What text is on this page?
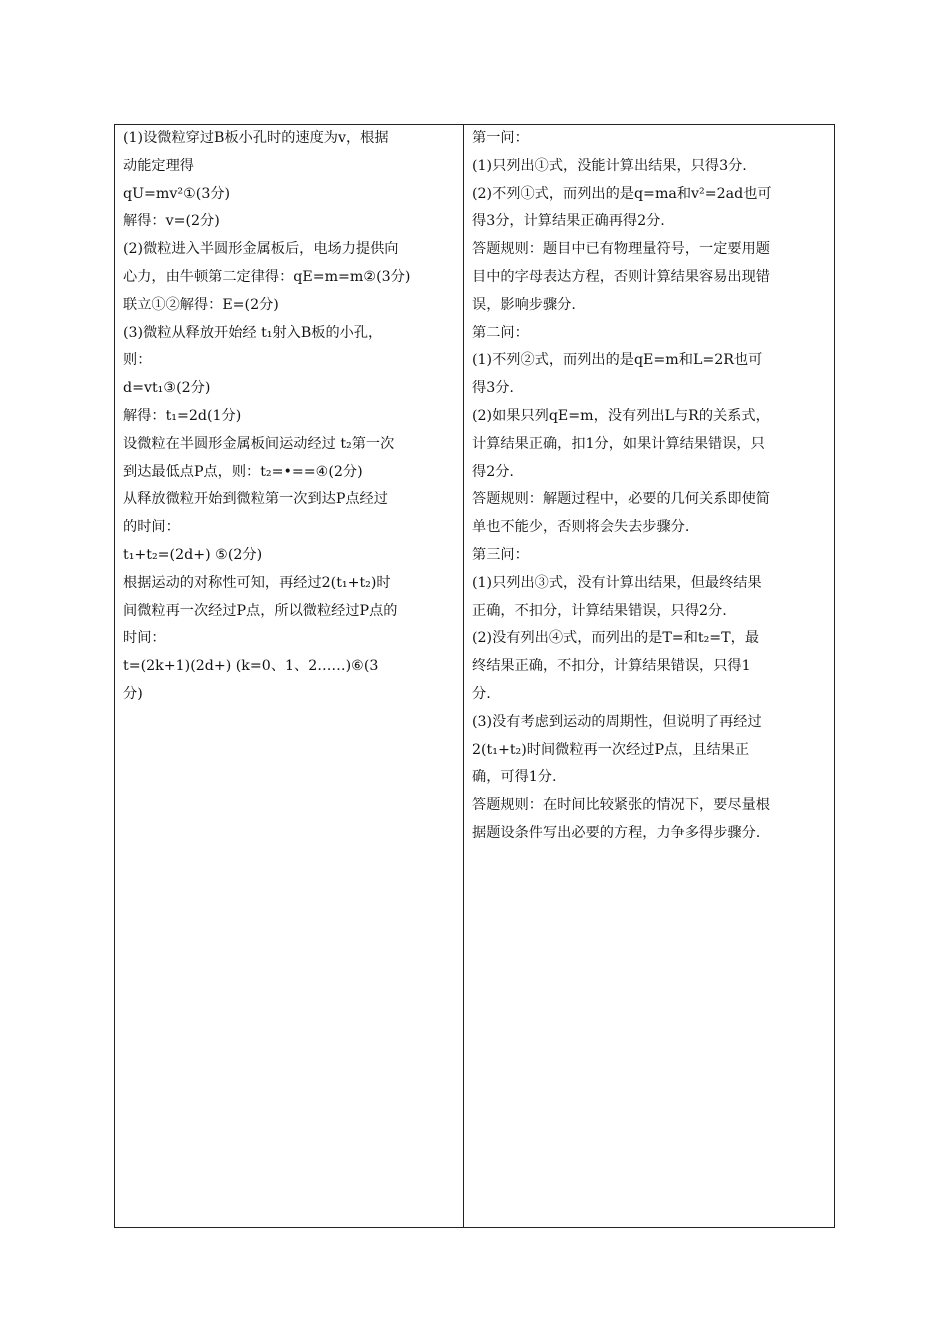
(1)设微粒穿过B板小孔时的速度为v，根据
动能定理得
qU=mv²①(3分)
解得：v=(2分)
(2)微粒进入半圆形金属板后，电场力提供向
心力，由牛顿第二定律得：qE=m=m②(3分)
联立①②解得：E=(2分)
(3)微粒从释放开始经 t₁射入B板的小孔，
则：
d=vt₁③(2分)
解得：t₁=2d(1分)
设微粒在半圆形金属板间运动经过 t₂第一次
到达最低点P点，则：t₂=•==④(2分)
从释放微粒开始到微粒第一次到达P点经过
的时间：
t₁+t₂=(2d+) ⑤(2分)
根据运动的对称性可知，再经过2(t₁+t₂)时
间微粒再一次经过P点，所以微粒经过P点的
时间：
t=(2k+1)(2d+) (k=0、1、2……)⑥(3
分)
第一问：
(1)只列出①式，没能计算出结果，只得3分.
(2)不列①式，而列出的是q=ma和v²=2ad也可
得3分，计算结果正确再得2分.
答题规则：题目中已有物理量符号，一定要用题
目中的字母表达方程，否则计算结果容易出现错
误，影响步骤分.
第二问：
(1)不列②式，而列出的是qE=m和L=2R也可
得3分.
(2)如果只列qE=m，没有列出L与R的关系式，
计算结果正确，扣1分，如果计算结果错误，只
得2分.
答题规则：解题过程中，必要的几何关系即使简
单也不能少，否则将会失去步骤分.
第三问：
(1)只列出③式，没有计算出结果，但最终结果
正确，不扣分，计算结果错误，只得2分.
(2)没有列出④式，而列出的是T=和t₂=T，最
终结果正确，不扣分，计算结果错误，只得1
分.
(3)没有考虑到运动的周期性，但说明了再经过
2(t₁+t₂)时间微粒再一次经过P点，且结果正
确，可得1分.
答题规则：在时间比较紧张的情况下，要尽量根
据题设条件写出必要的方程，力争多得步骤分.
